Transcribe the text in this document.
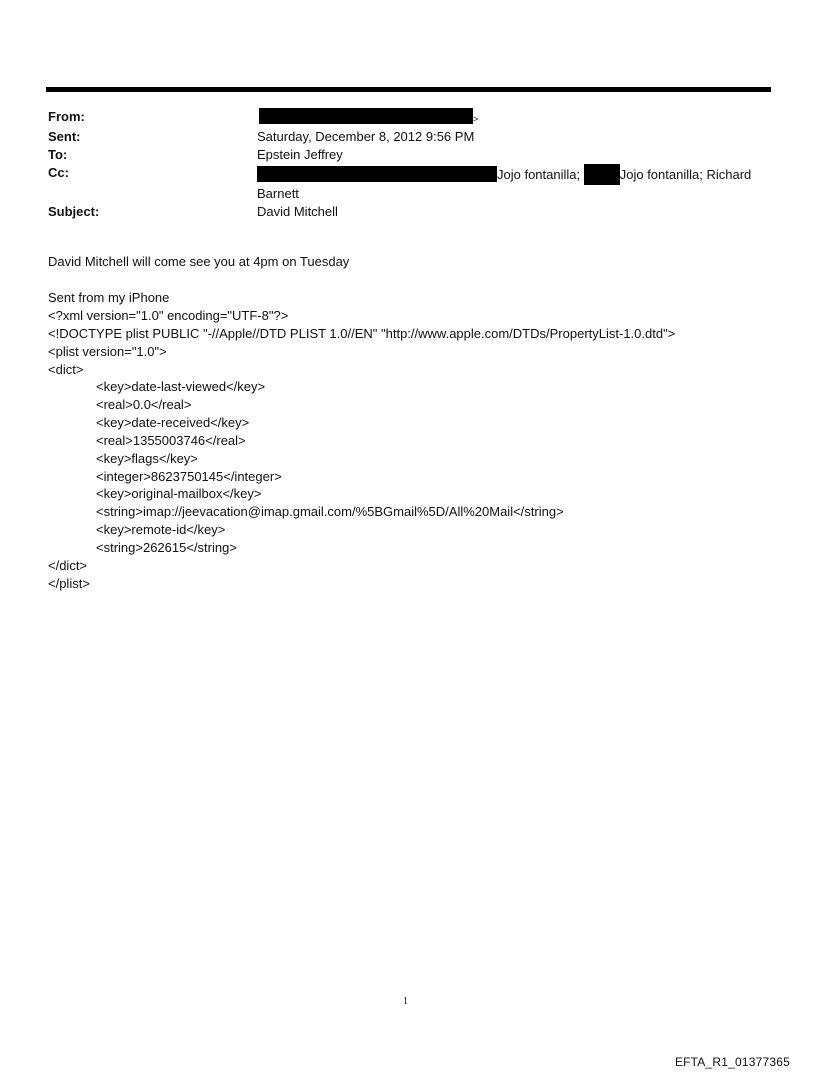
From:	>
Sent:	Saturday, December 8, 2012 9:56 PM
To:	Epstein Jeffrey
Cc:	Jojo fontanilla;	Jojo fontanilla; Richard
Barnett
Subject:	David Mitchell

David Mitchell will come see you at 4pm on Tuesday

Sent from my iPhone

<?xml version="1.0" encoding="UTF-8"?>
<!DOCTYPE plist PUBLIC "-//Apple//DTD PLIST 1.0//EN" "http://www.apple.com/DTDs/PropertyList-1.0.dtd">
<plist version="1.0">
<dict>
<key>date-last-viewed</key>
<real>0.0</real>
<key>date-received</key>
<real>1355003746</real>
<key>flags</key>
<integer>8623750145</integer>
<key>original-mailbox</key>
<string>imap://jeevacation@imap.gmail.com/%5BGmail%5D/All%20Mail</string>
<key>remote-id</key>
<string>262615</string>
</dict>
</plist>
1
EFTA_R1_01377365
